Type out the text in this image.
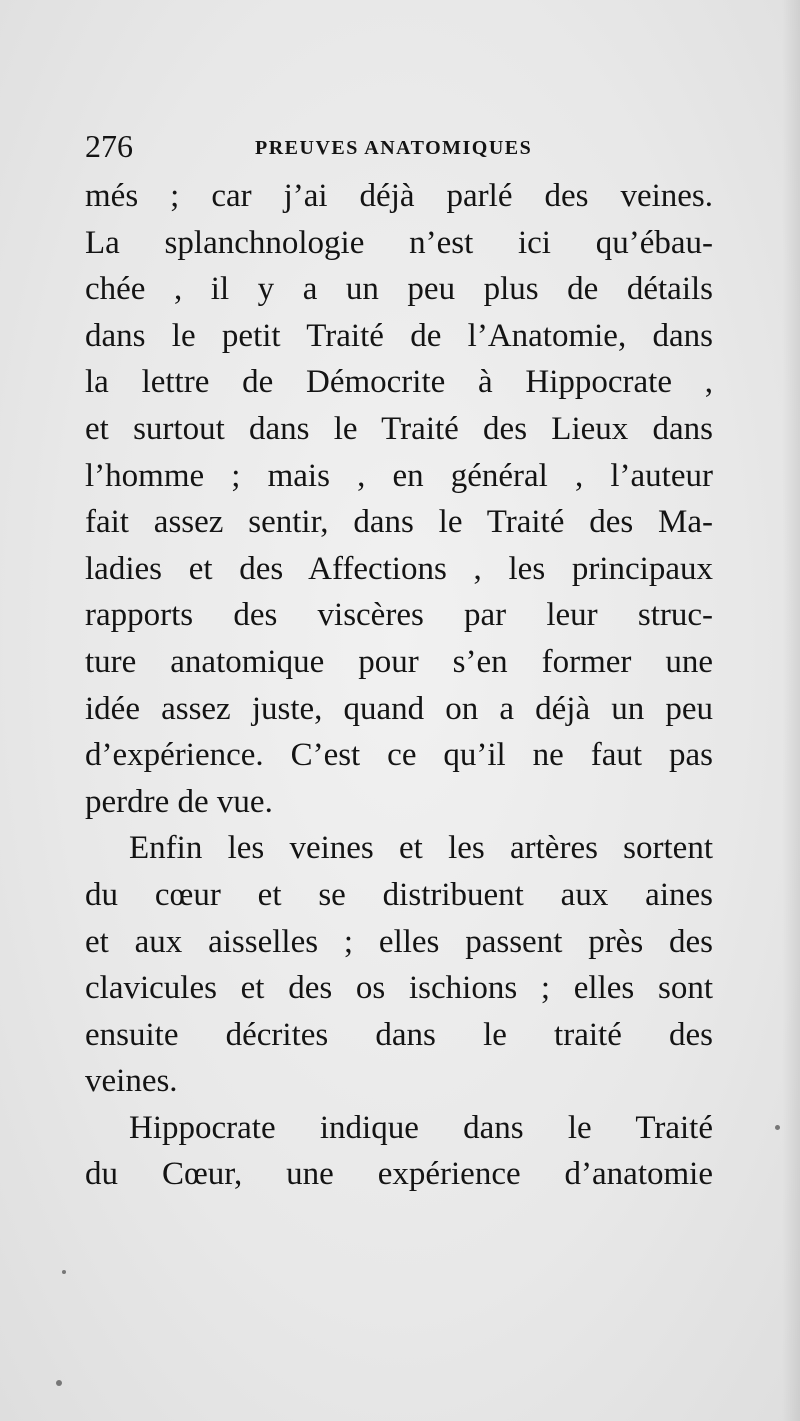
276	PREUVES ANATOMIQUES
més ; car j’ai déjà parlé des veines.
La splanchnologie n’est ici qu’ébau-
chée , il y a un peu plus de détails
dans le petit Traité de l’Anatomie, dans
la lettre de Démocrite à Hippocrate ,
et surtout dans le Traité des Lieux dans
l’homme ; mais , en général , l’auteur
fait assez sentir, dans le Traité des Ma-
ladies et des Affections , les principaux
rapports des viscères par leur struc-
ture anatomique pour s’en former une
idée assez juste, quand on a déjà un peu
d’expérience. C’est ce qu’il ne faut pas
perdre de vue.
Enfin les veines et les artères sortent
du cœur et se distribuent aux aines
et aux aisselles ; elles passent près des
clavicules et des os ischions ; elles sont
ensuite décrites dans le traité des
veines.
Hippocrate indique dans le Traité
du Cœur, une expérience d’anatomie
